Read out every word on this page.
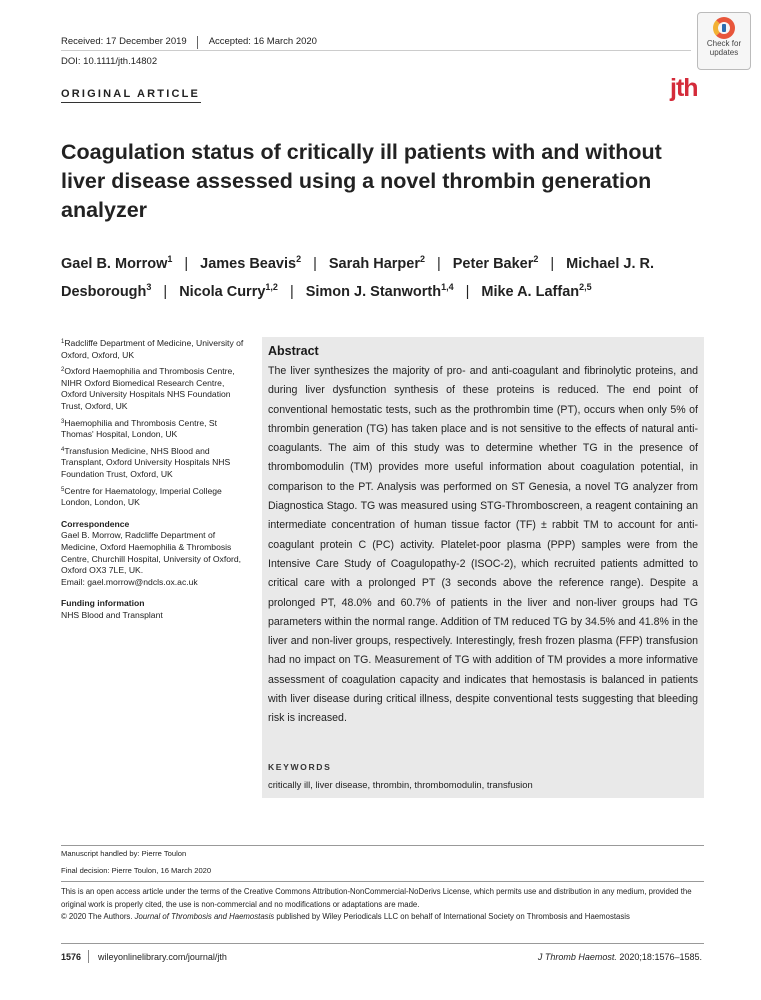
Received: 17 December 2019 Accepted: 16 March 2020
DOI: 10.1111/jth.14802
ORIGINAL ARTICLE
Check for updates
jth
Coagulation status of critically ill patients with and without liver disease assessed using a novel thrombin generation analyzer
Gael B. Morrow$^1$ | James Beavis$^2$ | Sarah Harper$^2$ | Peter Baker$^2$ | Michael J. R. Desborough$^3$ | Nicola Curry$^{1,2}$ | Simon J. Stanworth$^{1,4}$ | Mike A. Laffan$^{2,5}$
$^1$Radcliffe Department of Medicine, University of Oxford, Oxford, UK
$^2$Oxford Haemophilia and Thrombosis Centre, NIHR Oxford Biomedical Research Centre, Oxford University Hospitals NHS Foundation Trust, Oxford, UK
$^3$Haemophilia and Thrombosis Centre, St Thomas' Hospital, London, UK
$^4$Transfusion Medicine, NHS Blood and Transplant, Oxford University Hospitals NHS Foundation Trust, Oxford, UK
$^5$Centre for Haematology, Imperial College London, London, UK
Correspondence
Gael B. Morrow, Radcliffe Department of Medicine, Oxford Haemophilia & Thrombosis Centre, Churchill Hospital, University of Oxford, Oxford OX3 7LE, UK.
Email: gael.morrow@ndcls.ox.ac.uk
Funding information
NHS Blood and Transplant
Abstract
The liver synthesizes the majority of pro- and anti-coagulant and fibrinolytic proteins, and during liver dysfunction synthesis of these proteins is reduced. The end point of conventional hemostatic tests, such as the prothrombin time (PT), occurs when only 5% of thrombin generation (TG) has taken place and is not sensitive to the effects of natural anti-coagulants. The aim of this study was to determine whether TG in the presence of thrombomodulin (TM) provides more useful information about coagulation potential, in comparison to the PT. Analysis was performed on ST Genesia, a novel TG analyzer from Diagnostica Stago. TG was measured using STG-Thromboscreen, a reagent containing an intermediate concentration of human tissue factor (TF) ± rabbit TM to account for anti-coagulant protein C (PC) activity. Platelet-poor plasma (PPP) samples were from the Intensive Care Study of Coagulopathy-2 (ISOC-2), which recruited patients admitted to critical care with a prolonged PT (3 seconds above the reference range). Despite a prolonged PT, 48.0% and 60.7% of patients in the liver and non-liver groups had TG parameters within the normal range. Addition of TM reduced TG by 34.5% and 41.8% in the liver and non-liver groups, respectively. Interestingly, fresh frozen plasma (FFP) transfusion had no impact on TG. Measurement of TG with addition of TM provides a more informative assessment of coagulation capacity and indicates that hemostasis is balanced in patients with liver disease during critical illness, despite conventional tests suggesting that bleeding risk is increased.
KEYWORDS
critically ill, liver disease, thrombin, thrombomodulin, transfusion
Manuscript handled by: Pierre Toulon
Final decision: Pierre Toulon, 16 March 2020
This is an open access article under the terms of the Creative Commons Attribution-NonCommercial-NoDerivs License, which permits use and distribution in any medium, provided the original work is properly cited, the use is non-commercial and no modifications or adaptations are made.
© 2020 The Authors. Journal of Thrombosis and Haemostasis published by Wiley Periodicals LLC on behalf of International Society on Thrombosis and Haemostasis
1576 wileyonlinelibrary.com/journal/jth	J Thromb Haemost. 2020;18:1576–1585.
